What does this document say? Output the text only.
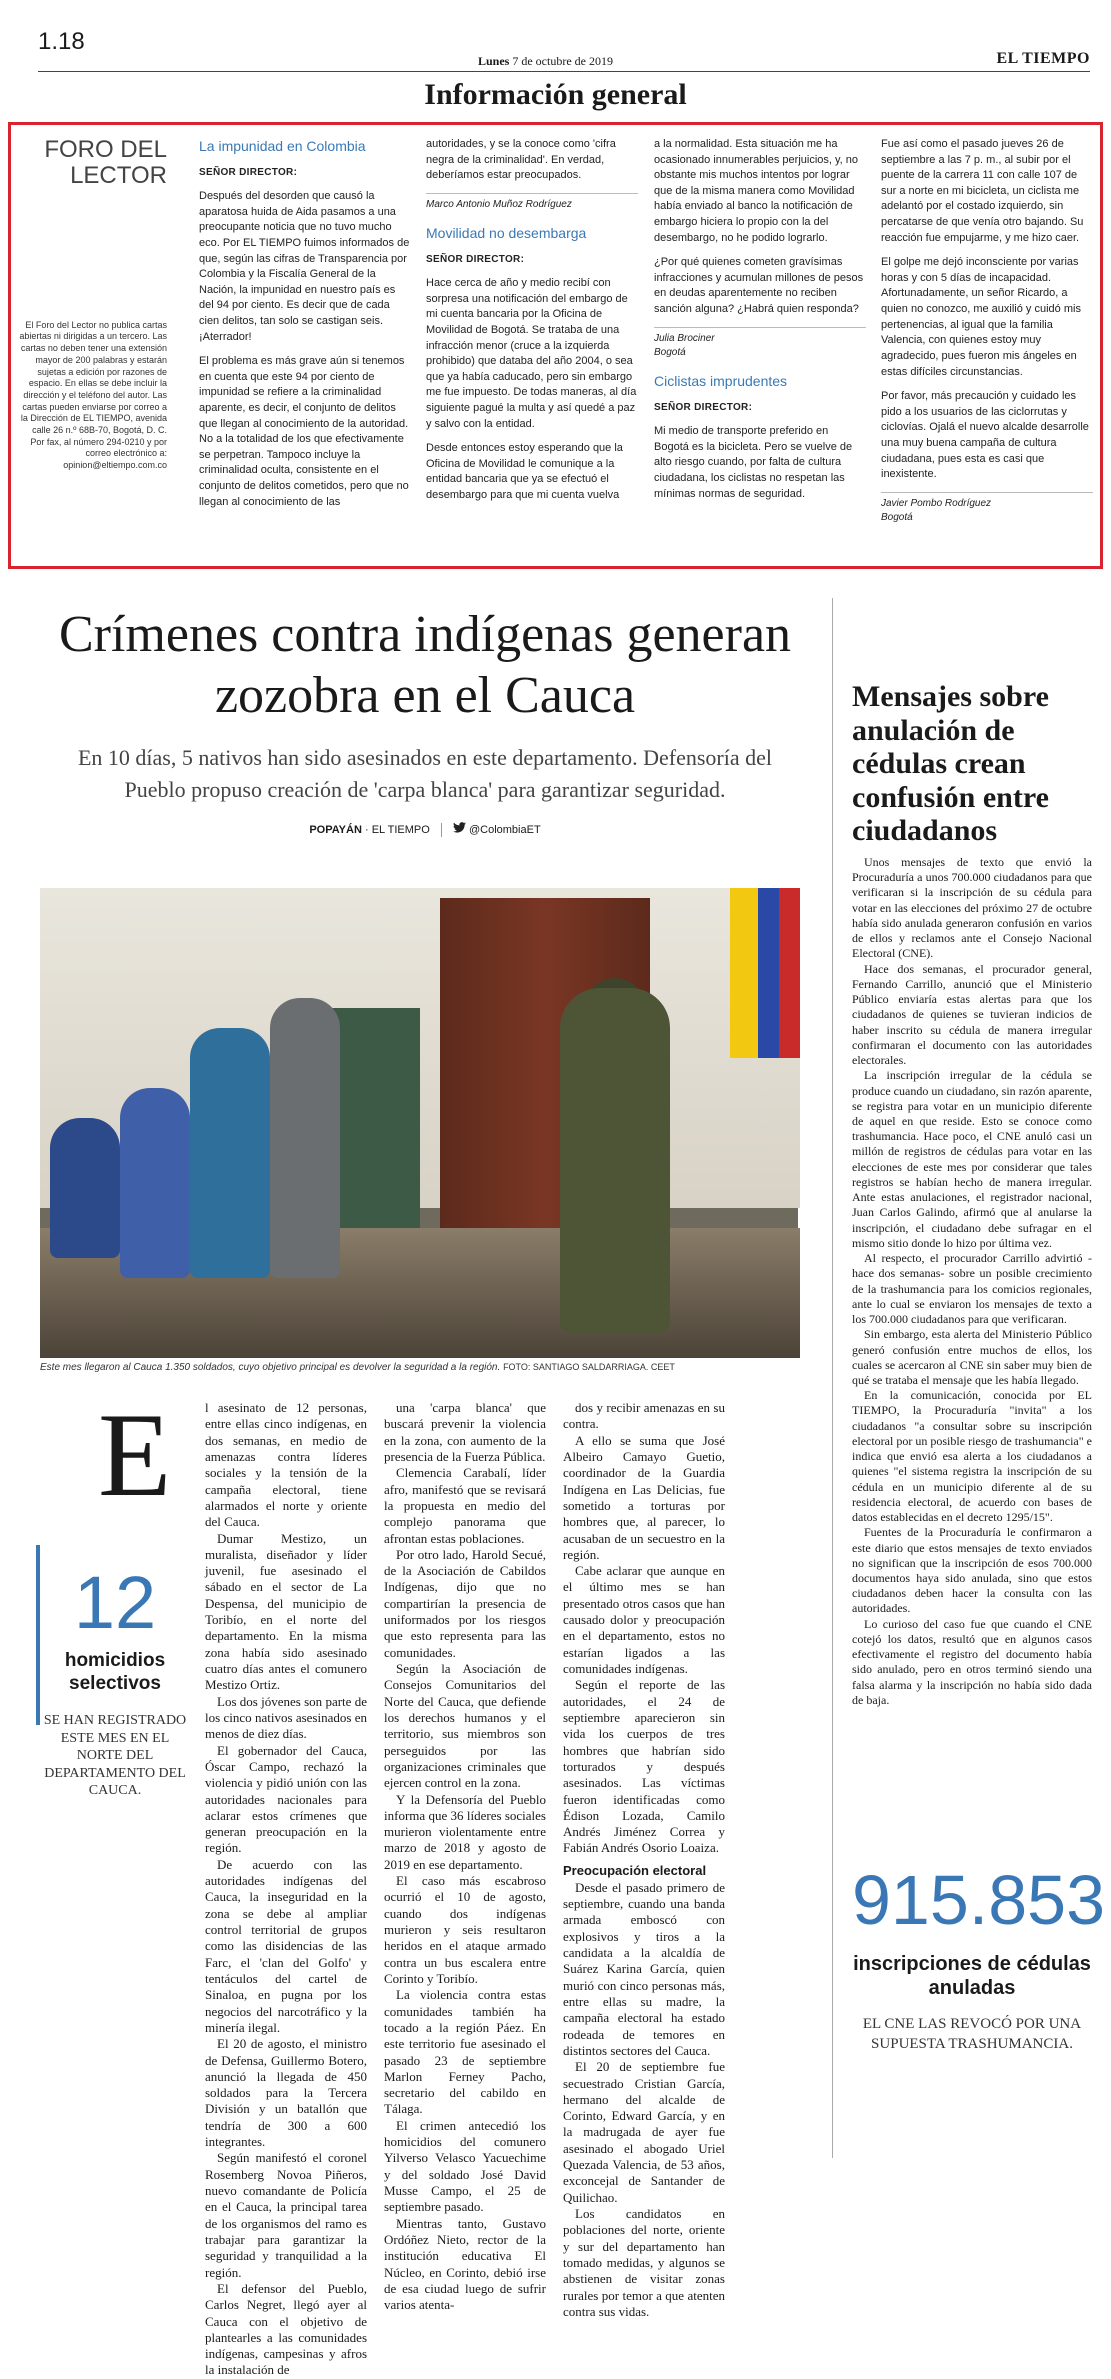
1.18
Lunes 7 de octubre de 2019	EL TIEMPO
Información general
FORO DEL
LECTOR
El Foro del Lector no publica cartas abiertas ni dirigidas a un tercero. Las cartas no deben tener una extensión mayor de 200 palabras y estarán sujetas a edición por razones de espacio. En ellas se debe incluir la dirección y el teléfono del autor. Las cartas pueden enviarse por correo a la Dirección de EL TIEMPO, avenida calle 26 n.º 68B-70, Bogotá, D. C. Por fax, al número 294-0210 y por correo electrónico a: opinion@eltiempo.com.co
La impunidad en Colombia
SEÑOR DIRECTOR:

Después del desorden que causó la aparatosa huida de Aida pasamos a una preocupante noticia que no tuvo mucho eco. Por EL TIEMPO fuimos informados de que, según las cifras de Transparencia por Colombia y la Fiscalía General de la Nación, la impunidad en nuestro país es del 94 por ciento. Es decir que de cada cien delitos, tan solo se castigan seis. ¡Aterrador!

El problema es más grave aún si tenemos en cuenta que este 94 por ciento de impunidad se refiere a la criminalidad aparente, es decir, el conjunto de delitos que llegan al conocimiento de la autoridad. No a la totalidad de los que efectivamente se perpetran. Tampoco incluye la criminalidad oculta, consistente en el conjunto de delitos cometidos, pero que no llegan al conocimiento de las

autoridades, y se la conoce como 'cifra negra de la criminalidad'. En verdad, deberíamos estar preocupados.

Marco Antonio Muñoz Rodríguez
Movilidad no desembarga
SEÑOR DIRECTOR:

Hace cerca de año y medio recibí con sorpresa una notificación del embargo de mi cuenta bancaria por la Oficina de Movilidad de Bogotá. Se trataba de una infracción menor (cruce a la izquierda prohibido) que databa del año 2004, o sea que ya había caducado, pero sin embargo me fue impuesto. De todas maneras, al día siguiente pagué la multa y así quedé a paz y salvo con la entidad.

Desde entonces estoy esperando que la Oficina de Movilidad le comunique a la entidad bancaria que ya se efectuó el desembargo para que mi cuenta vuelva

a la normalidad. Esta situación me ha ocasionado innumerables perjuicios, y, no obstante mis muchos intentos por lograr que de la misma manera como Movilidad había enviado al banco la notificación de embargo hiciera lo propio con la del desembargo, no he podido lograrlo.

¿Por qué quienes cometen gravísimas infracciones y acumulan millones de pesos en deudas aparentemente no reciben sanción alguna? ¿Habrá quien responda?

Julia Brociner
Bogotá
Ciclistas imprudentes
SEÑOR DIRECTOR:

Mi medio de transporte preferido en Bogotá es la bicicleta. Pero se vuelve de alto riesgo cuando, por falta de cultura ciudadana, los ciclistas no respetan las mínimas normas de seguridad.

Fue así como el pasado jueves 26 de septiembre a las 7 p. m., al subir por el puente de la carrera 11 con calle 107 de sur a norte en mi bicicleta, un ciclista me adelantó por el costado izquierdo, sin percatarse de que venía otro bajando. Su reacción fue empujarme, y me hizo caer.

El golpe me dejó inconsciente por varias horas y con 5 días de incapacidad. Afortunadamente, un señor Ricardo, a quien no conozco, me auxilió y cuidó mis pertenencias, al igual que la familia Valencia, con quienes estoy muy agradecido, pues fueron mis ángeles en estas difíciles circunstancias.

Por favor, más precaución y cuidado les pido a los usuarios de las ciclorrutas y ciclovías. Ojalá el nuevo alcalde desarrolle una muy buena campaña de cultura ciudadana, pues esta es casi que inexistente.

Javier Pombo Rodríguez
Bogotá
Crímenes contra indígenas generan zozobra en el Cauca
En 10 días, 5 nativos han sido asesinados en este departamento. Defensoría del Pueblo propuso creación de 'carpa blanca' para garantizar seguridad.
POPAYÁN · EL TIEMPO	@ColombiaET
Este mes llegaron al Cauca 1.350 soldados, cuyo objetivo principal es devolver la seguridad a la región. FOTO: SANTIAGO SALDARRIAGA. CEET
E
12
homicidios selectivos
SE HAN REGISTRADO ESTE MES EN EL NORTE DEL DEPARTAMENTO DEL CAUCA.

l asesinato de 12 personas, entre ellas cinco indígenas, en dos semanas, en medio de amenazas contra líderes sociales y la tensión de la campaña electoral, tiene alarmados el norte y oriente del Cauca.

Dumar Mestizo, un muralista, diseñador y líder juvenil, fue asesinado el sábado en el sector de La Despensa, del municipio de Toribío, en el norte del departamento. En la misma zona había sido asesinado cuatro días antes el comunero Mestizo Ortiz.

Los dos jóvenes son parte de los cinco nativos asesinados en menos de diez días.

El gobernador del Cauca, Óscar Campo, rechazó la violencia y pidió unión con las autoridades nacionales para aclarar estos crímenes que generan preocupación en la región.

De acuerdo con las autoridades indígenas del Cauca, la inseguridad en la zona se debe al ampliar control territorial de grupos como las disidencias de las Farc, el 'clan del Golfo' y tentáculos del cartel de Sinaloa, en pugna por los negocios del narcotráfico y la minería ilegal.

El 20 de agosto, el ministro de Defensa, Guillermo Botero, anunció la llegada de 450 soldados para la Tercera División y un batallón que tendría de 300 a 600 integrantes.

Según manifestó el coronel Rosemberg Novoa Piñeros, nuevo comandante de Policía en el Cauca, la principal tarea de los organismos del ramo es trabajar para garantizar la seguridad y tranquilidad a la región.

El defensor del Pueblo, Carlos Negret, llegó ayer al Cauca con el objetivo de plantearles a las comunidades indígenas, campesinas y afros la instalación de

una 'carpa blanca' que buscará prevenir la violencia en la zona, con aumento de la presencia de la Fuerza Pública.

Clemencia Carabalí, líder afro, manifestó que se revisará la propuesta en medio del complejo panorama que afrontan estas poblaciones.

Por otro lado, Harold Secué, de la Asociación de Cabildos Indígenas, dijo que no compartirían la presencia de uniformados por los riesgos que esto representa para las comunidades.

Según la Asociación de Consejos Comunitarios del Norte del Cauca, que defiende los derechos humanos y el territorio, sus miembros son perseguidos por las organizaciones criminales que ejercen control en la zona.

Y la Defensoría del Pueblo informa que 36 líderes sociales murieron violentamente entre marzo de 2018 y agosto de 2019 en ese departamento.

El caso más escabroso ocurrió el 10 de agosto, cuando dos indígenas murieron y seis resultaron heridos en el ataque armado contra un bus escalera entre Corinto y Toribío.

La violencia contra estas comunidades también ha tocado a la región Páez. En este territorio fue asesinado el pasado 23 de septiembre Marlon Ferney Pacho, secretario del cabildo en Tálaga.

El crimen antecedió los homicidios del comunero Yilverso Velasco Yacuechime y del soldado José David Musse Campo, el 25 de septiembre pasado.

Mientras tanto, Gustavo Ordóñez Nieto, rector de la institución educativa El Núcleo, en Corinto, debió irse de esa ciudad luego de sufrir varios atenta-

dos y recibir amenazas en su contra.

A ello se suma que José Albeiro Camayo Guetio, coordinador de la Guardia Indígena en Las Delicias, fue sometido a torturas por hombres que, al parecer, lo acusaban de un secuestro en la región.

Cabe aclarar que aunque en el último mes se han presentado otros casos que han causado dolor y preocupación en el departamento, estos no estarían ligados a las comunidades indígenas.

Según el reporte de las autoridades, el 24 de septiembre aparecieron sin vida los cuerpos de tres hombres que habrían sido torturados y después asesinados. Las víctimas fueron identificadas como Édison Lozada, Camilo Andrés Jiménez Correa y Fabián Andrés Osorio Loaiza.

Preocupación electoral

Desde el pasado primero de septiembre, cuando una banda armada emboscó con explosivos y tiros a la candidata a la alcaldía de Suárez Karina García, quien murió con cinco personas más, entre ellas su madre, la campaña electoral ha estado rodeada de temores en distintos sectores del Cauca.

El 20 de septiembre fue secuestrado Cristian García, hermano del alcalde de Corinto, Edward García, y en la madrugada de ayer fue asesinado el abogado Uriel Quezada Valencia, de 53 años, exconcejal de Santander de Quilichao.

Los candidatos en poblaciones del norte, oriente y sur del departamento han tomado medidas, y algunos se abstienen de visitar zonas rurales por temor a que atenten contra sus vidas.

Mensajes sobre anulación de cédulas crean confusión entre ciudadanos

Unos mensajes de texto que envió la Procuraduría a unos 700.000 ciudadanos para que verificaran si la inscripción de su cédula para votar en las elecciones del próximo 27 de octubre había sido anulada generaron confusión en varios de ellos y reclamos ante el Consejo Nacional Electoral (CNE).

Hace dos semanas, el procurador general, Fernando Carrillo, anunció que el Ministerio Público enviaría estas alertas para que los ciudadanos de quienes se tuvieran indicios de haber inscrito su cédula de manera irregular confirmaran el documento con las autoridades electorales.

La inscripción irregular de la cédula se produce cuando un ciudadano, sin razón aparente, se registra para votar en un municipio diferente de aquel en que reside. Esto se conoce como trashumancia. Hace poco, el CNE anuló casi un millón de registros de cédulas para votar en las elecciones de este mes por considerar que tales registros se habían hecho de manera irregular. Ante estas anulaciones, el registrador nacional, Juan Carlos Galindo, afirmó que al anularse la inscripción, el ciudadano debe sufragar en el mismo sitio donde lo hizo por última vez.

Al respecto, el procurador Carrillo advirtió -hace dos semanas- sobre un posible crecimiento de la trashumancia para los comicios regionales, ante lo cual se enviaron los mensajes de texto a los 700.000 ciudadanos para que verificaran.

Sin embargo, esta alerta del Ministerio Público generó confusión entre muchos de ellos, los cuales se acercaron al CNE sin saber muy bien de qué se trataba el mensaje que les había llegado.

En la comunicación, conocida por EL TIEMPO, la Procuraduría "invita" a los ciudadanos "a consultar sobre su inscripción electoral por un posible riesgo de trashumancia" e indica que envió esa alerta a los ciudadanos a quienes "el sistema registra la inscripción de su cédula en un municipio diferente al de su residencia electoral, de acuerdo con bases de datos establecidas en el decreto 1295/15".

Fuentes de la Procuraduría le confirmaron a este diario que estos mensajes de texto enviados no significan que la inscripción de esos 700.000 documentos haya sido anulada, sino que estos ciudadanos deben hacer la consulta con las autoridades.

Lo curioso del caso fue que cuando el CNE cotejó los datos, resultó que en algunos casos efectivamente el registro del documento había sido anulado, pero en otros terminó siendo una falsa alarma y la inscripción no había sido dada de baja.

915.853
inscripciones de cédulas anuladas
EL CNE LAS REVOCÓ POR UNA SUPUESTA TRASHUMANCIA.
